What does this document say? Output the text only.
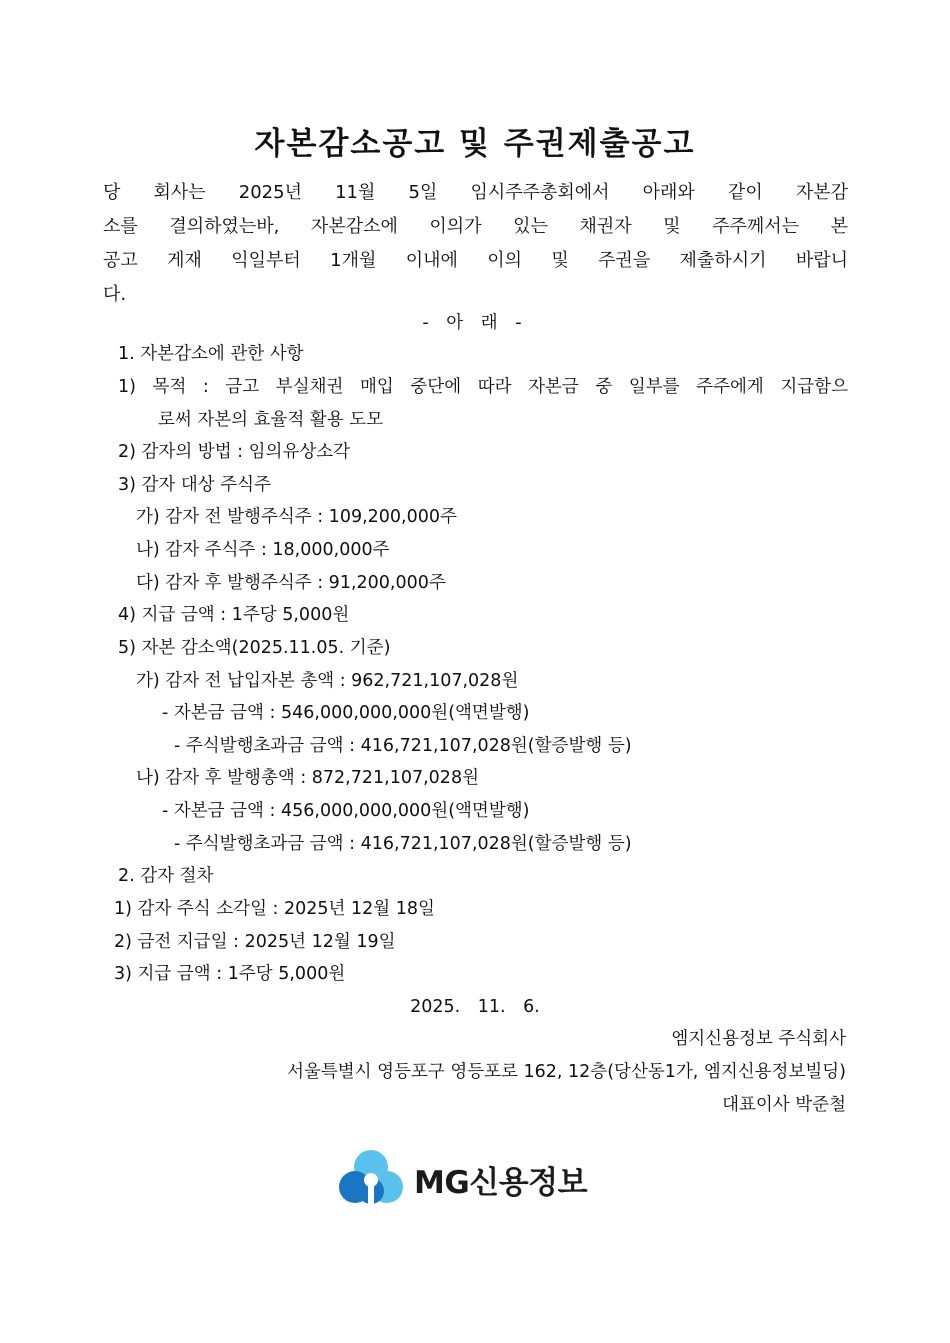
자본감소공고 및 주권제출공고
당 회사는 2025년 11월 5일 임시주주총회에서 아래와 같이 자본감
소를 결의하였는바, 자본감소에 이의가 있는 채권자 및 주주께서는 본
공고 게재 익일부터 1개월 이내에 이의 및 주권을 제출하시기 바랍니
다.
- 아 래 -
1. 자본감소에 관한 사항
1) 목적 : 금고 부실채권 매입 중단에 따라 자본금 중 일부를 주주에게 지급함으
로써 자본의 효율적 활용 도모
2) 감자의 방법 : 임의유상소각
3) 감자 대상 주식주
가) 감자 전 발행주식주 : 109,200,000주
나) 감자 주식주 : 18,000,000주
다) 감자 후 발행주식주 : 91,200,000주
4) 지급 금액 : 1주당 5,000원
5) 자본 감소액(2025.11.05. 기준)
가) 감자 전 납입자본 총액 : 962,721,107,028원
- 자본금 금액 : 546,000,000,000원(액면발행)
- 주식발행초과금 금액 : 416,721,107,028원(할증발행 등)
나) 감자 후 발행총액 : 872,721,107,028원
- 자본금 금액 : 456,000,000,000원(액면발행)
- 주식발행초과금 금액 : 416,721,107,028원(할증발행 등)
2. 감자 절차
1) 감자 주식 소각일 : 2025년 12월 18일
2) 금전 지급일 : 2025년 12월 19일
3) 지급 금액 : 1주당 5,000원
2025. 11. 6.
엠지신용정보 주식회사
서울특별시 영등포구 영등포로 162, 12층(당산동1가, 엠지신용정보빌딩)
대표이사 박준철
MG신용정보
